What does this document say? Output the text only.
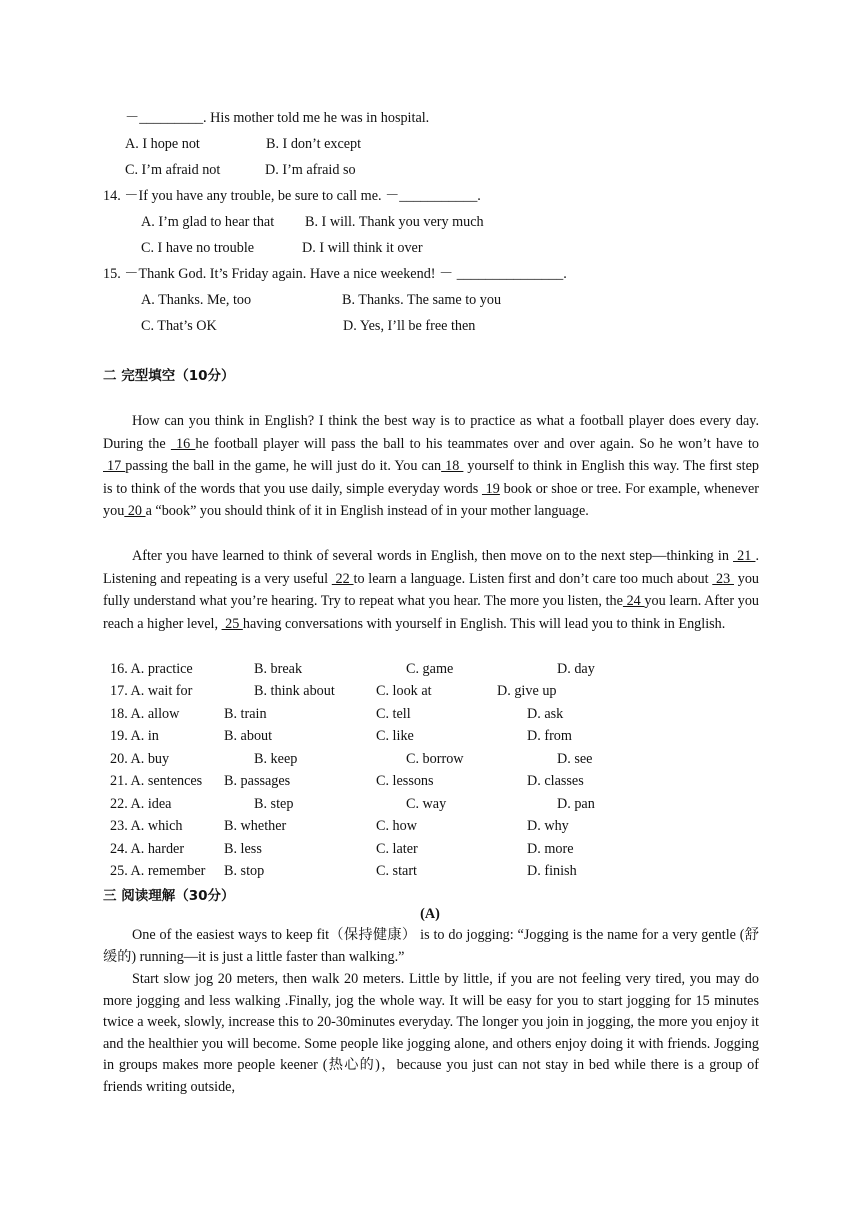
－_________. His mother told me he was in hospital.
A. I hope not	B. I don’t except
C. I’m afraid not	D. I’m afraid so
14. －If you have any trouble, be sure to call me. －___________.
A. I’m glad to hear that B. I will. Thank you very much
C. I have no trouble	D. I will think it over
15. －Thank God. It’s Friday again. Have a nice weekend! － _______________.
A. Thanks. Me, too	B. Thanks. The same to you
C. That’s OK	D. Yes, I’ll be free then
二 完型填空（10分）

How can you think in English? I think the best way is to practice as what a football player does every day. During the  16 he football player will pass the ball to his teammates over and over again. So he won’t have to  17 passing the ball in the game, he will just do it. You can 18  yourself to think in English this way. The first step is to think of the words that you use daily, simple everyday words  19 book or shoe or tree. For example, whenever you 20 a “book” you should think of it in English instead of in your mother language.

After you have learned to think of several words in English, then move on to the next step—thinking in  21 . Listening and repeating is a very useful  22 to learn a language. Listen first and don’t care too much about  23  you fully understand what you’re hearing. Try to repeat what you hear. The more you listen, the 24 you learn. After you reach a higher level,  25 having conversations with yourself in English. This will lead you to think in English.

16. A. practice	B. break	C. game	D. day
17. A. wait for	B. think about	C. look at	D. give up
18. A. allow	B. train	C. tell	D. ask
19. A. in	B. about	C. like	D. from
20. A. buy	B. keep	C. borrow	D. see
21. A. sentences B. passages	C. lessons	D. classes
22. A. idea	B. step	C. way	D. pan
23. A. which	B. whether	C. how	D. why
24. A. harder	B. less	C. later	D. more
25. A. remember B. stop	C. start	D. finish
三 阅读理解（30分）
(A)

One of the easiest ways to keep fit（保持健康） is to do jogging: “Jogging is the name for a very gentle (舒缓的) running—it is just a little faster than walking.”

Start slow jog 20 meters, then walk 20 meters. Little by little, if you are not feeling very tired, you may do more jogging and less walking .Finally, jog the whole way. It will be easy for you to start jogging for 15 minutes twice a week, slowly, increase this to 20-30minutes everyday. The longer you join in jogging, the more you enjoy it and the healthier you will become. Some people like jogging alone, and others enjoy doing it with friends. Jogging in groups makes more people keener (热心的)，because you just can not stay in bed while there is a group of friends writing outside,
